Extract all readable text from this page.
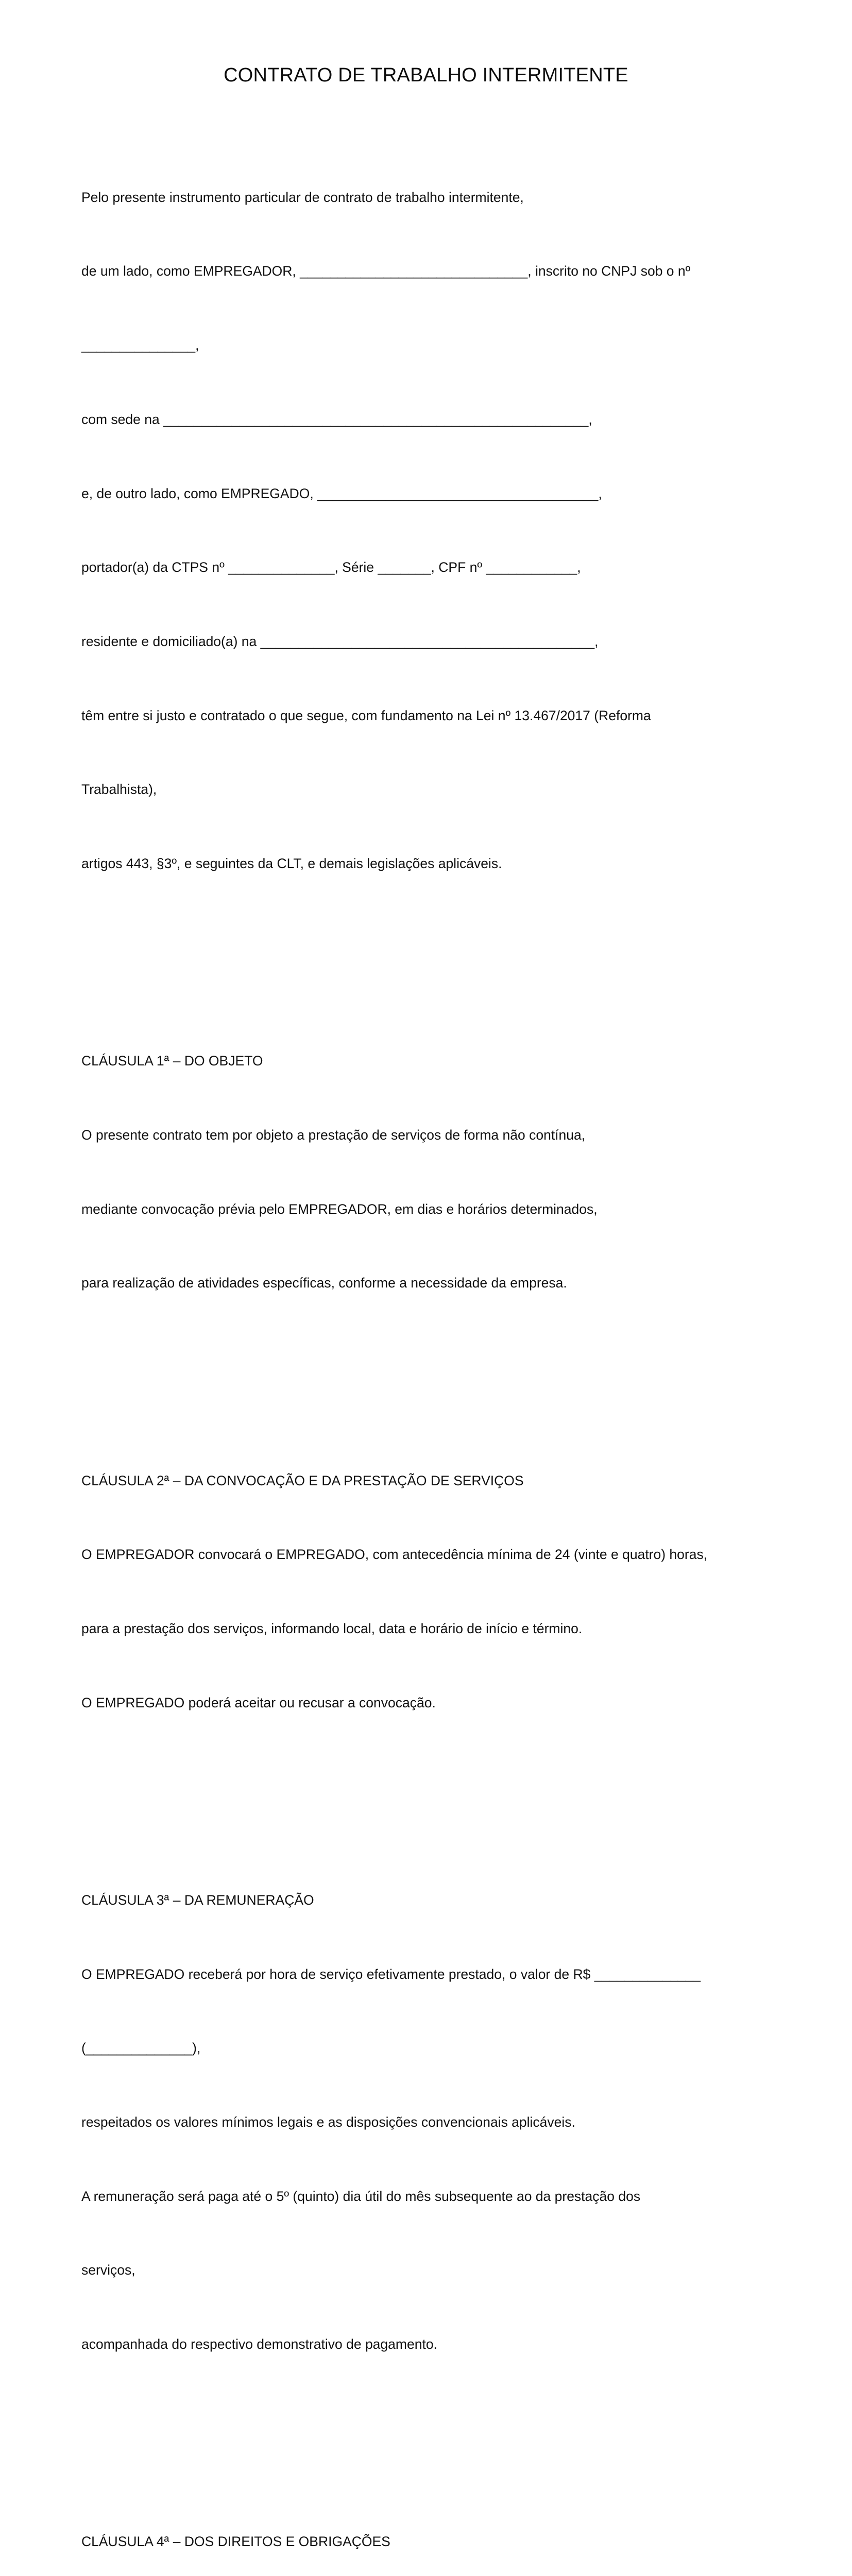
CONTRATO DE TRABALHO INTERMITENTE

Pelo presente instrumento particular de contrato de trabalho intermitente,

de um lado, como EMPREGADOR, ______________________________, inscrito no CNPJ sob o nº

_______________,

com sede na ________________________________________________________,

e, de outro lado, como EMPREGADO, _____________________________________,

portador(a) da CTPS nº ______________, Série _______, CPF nº ____________,

residente e domiciliado(a) na ____________________________________________,

têm entre si justo e contratado o que segue, com fundamento na Lei nº 13.467/2017 (Reforma

Trabalhista),

artigos 443, §3º, e seguintes da CLT, e demais legislações aplicáveis.

CLÁUSULA 1ª – DO OBJETO

O presente contrato tem por objeto a prestação de serviços de forma não contínua,

mediante convocação prévia pelo EMPREGADOR, em dias e horários determinados,

para realização de atividades específicas, conforme a necessidade da empresa.

CLÁUSULA 2ª – DA CONVOCAÇÃO E DA PRESTAÇÃO DE SERVIÇOS

O EMPREGADOR convocará o EMPREGADO, com antecedência mínima de 24 (vinte e quatro) horas,

para a prestação dos serviços, informando local, data e horário de início e término.

O EMPREGADO poderá aceitar ou recusar a convocação.

CLÁUSULA 3ª – DA REMUNERAÇÃO

O EMPREGADO receberá por hora de serviço efetivamente prestado, o valor de R$ ______________

(______________),

respeitados os valores mínimos legais e as disposições convencionais aplicáveis.

A remuneração será paga até o 5º (quinto) dia útil do mês subsequente ao da prestação dos

serviços,

acompanhada do respectivo demonstrativo de pagamento.

CLÁUSULA 4ª – DOS DIREITOS E OBRIGAÇÕES
